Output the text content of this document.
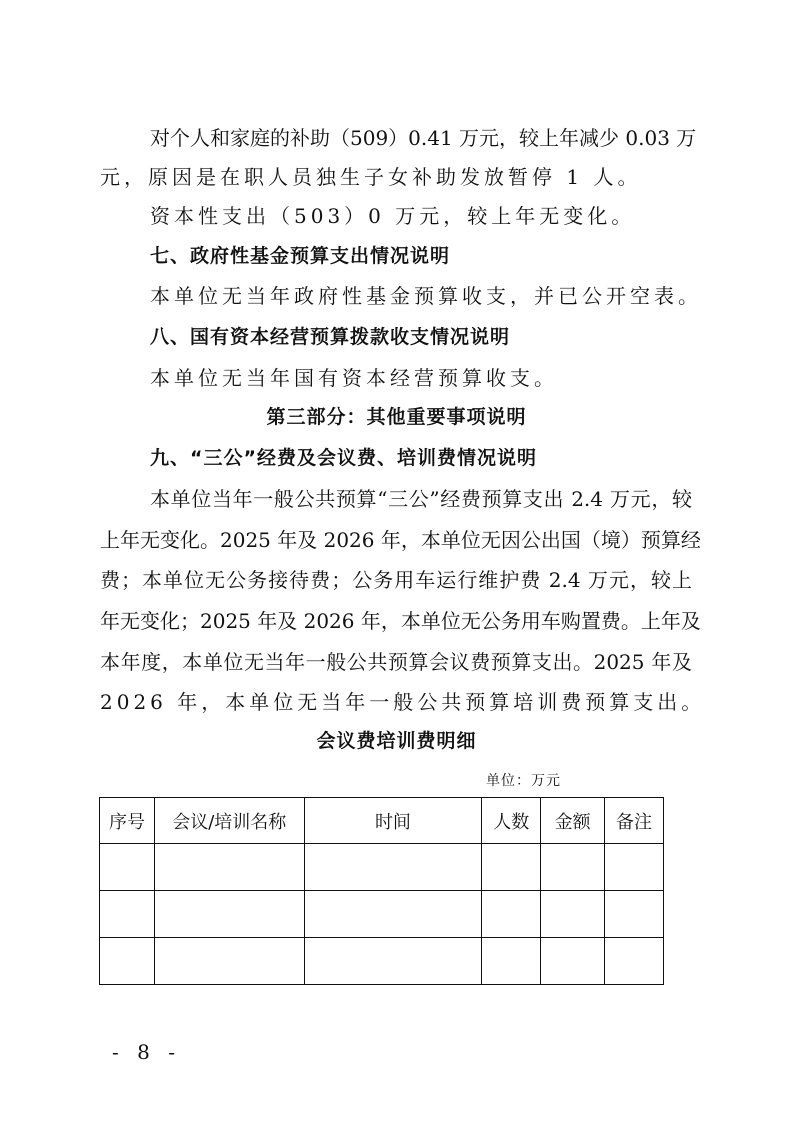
对个人和家庭的补助（509）0.41 万元，较上年减少 0.03 万
元，原因是在职人员独生子女补助发放暂停 1 人。
资本性支出（503）0 万元，较上年无变化。
七、政府性基金预算支出情况说明
本单位无当年政府性基金预算收支，并已公开空表。
八、国有资本经营预算拨款收支情况说明
本单位无当年国有资本经营预算收支。
第三部分：其他重要事项说明
九、“三公”经费及会议费、培训费情况说明
本单位当年一般公共预算“三公”经费预算支出 2.4 万元，较
上年无变化。2025 年及 2026 年，本单位无因公出国（境）预算经
费；本单位无公务接待费；公务用车运行维护费 2.4 万元，较上
年无变化；2025 年及 2026 年，本单位无公务用车购置费。上年及
本年度，本单位无当年一般公共预算会议费预算支出。2025 年及
2026 年，本单位无当年一般公共预算培训费预算支出。
会议费培训费明细
单位：万元
序号	会议/培训名称	时间	人数	金额	备注

- 8 -
